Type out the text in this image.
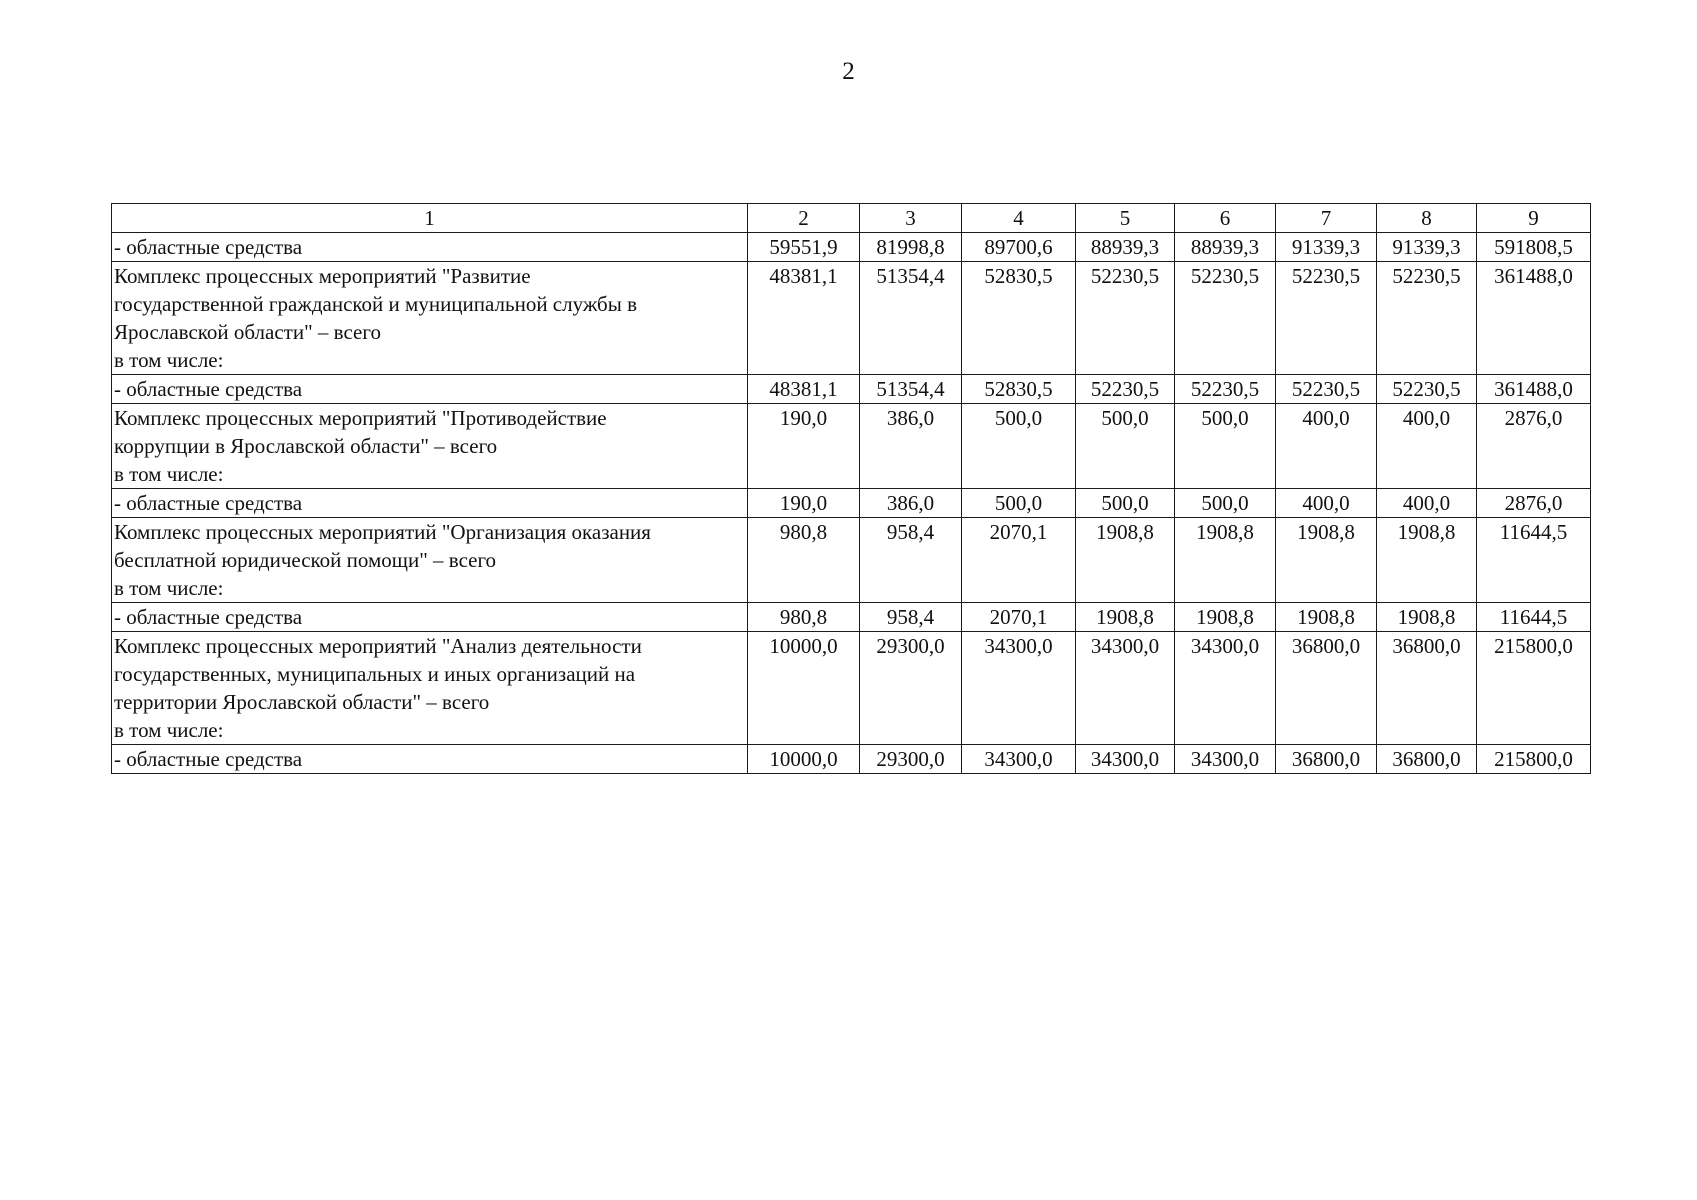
2
1	2	3	4	5	6	7	8	9

- областные средства	59551,9	81998,8	89700,6	88939,3	88939,3	91339,3	91339,3	591808,5

Комплекс процессных мероприятий "Развитие
государственной гражданской и муниципальной службы в
Ярославской области" – всего
в том числе:	48381,1	51354,4	52830,5	52230,5	52230,5	52230,5	52230,5	361488,0

- областные средства	48381,1	51354,4	52830,5	52230,5	52230,5	52230,5	52230,5	361488,0

Комплекс процессных мероприятий "Противодействие
коррупции в Ярославской области" – всего
в том числе:	190,0	386,0	500,0	500,0	500,0	400,0	400,0	2876,0

- областные средства	190,0	386,0	500,0	500,0	500,0	400,0	400,0	2876,0

Комплекс процессных мероприятий "Организация оказания
бесплатной юридической помощи" – всего
в том числе:	980,8	958,4	2070,1	1908,8	1908,8	1908,8	1908,8	11644,5

- областные средства	980,8	958,4	2070,1	1908,8	1908,8	1908,8	1908,8	11644,5

Комплекс процессных мероприятий "Анализ деятельности
государственных, муниципальных и иных организаций на
территории Ярославской области" – всего
в том числе:	10000,0	29300,0	34300,0	34300,0	34300,0	36800,0	36800,0	215800,0

- областные средства	10000,0	29300,0	34300,0	34300,0	34300,0	36800,0	36800,0	215800,0
